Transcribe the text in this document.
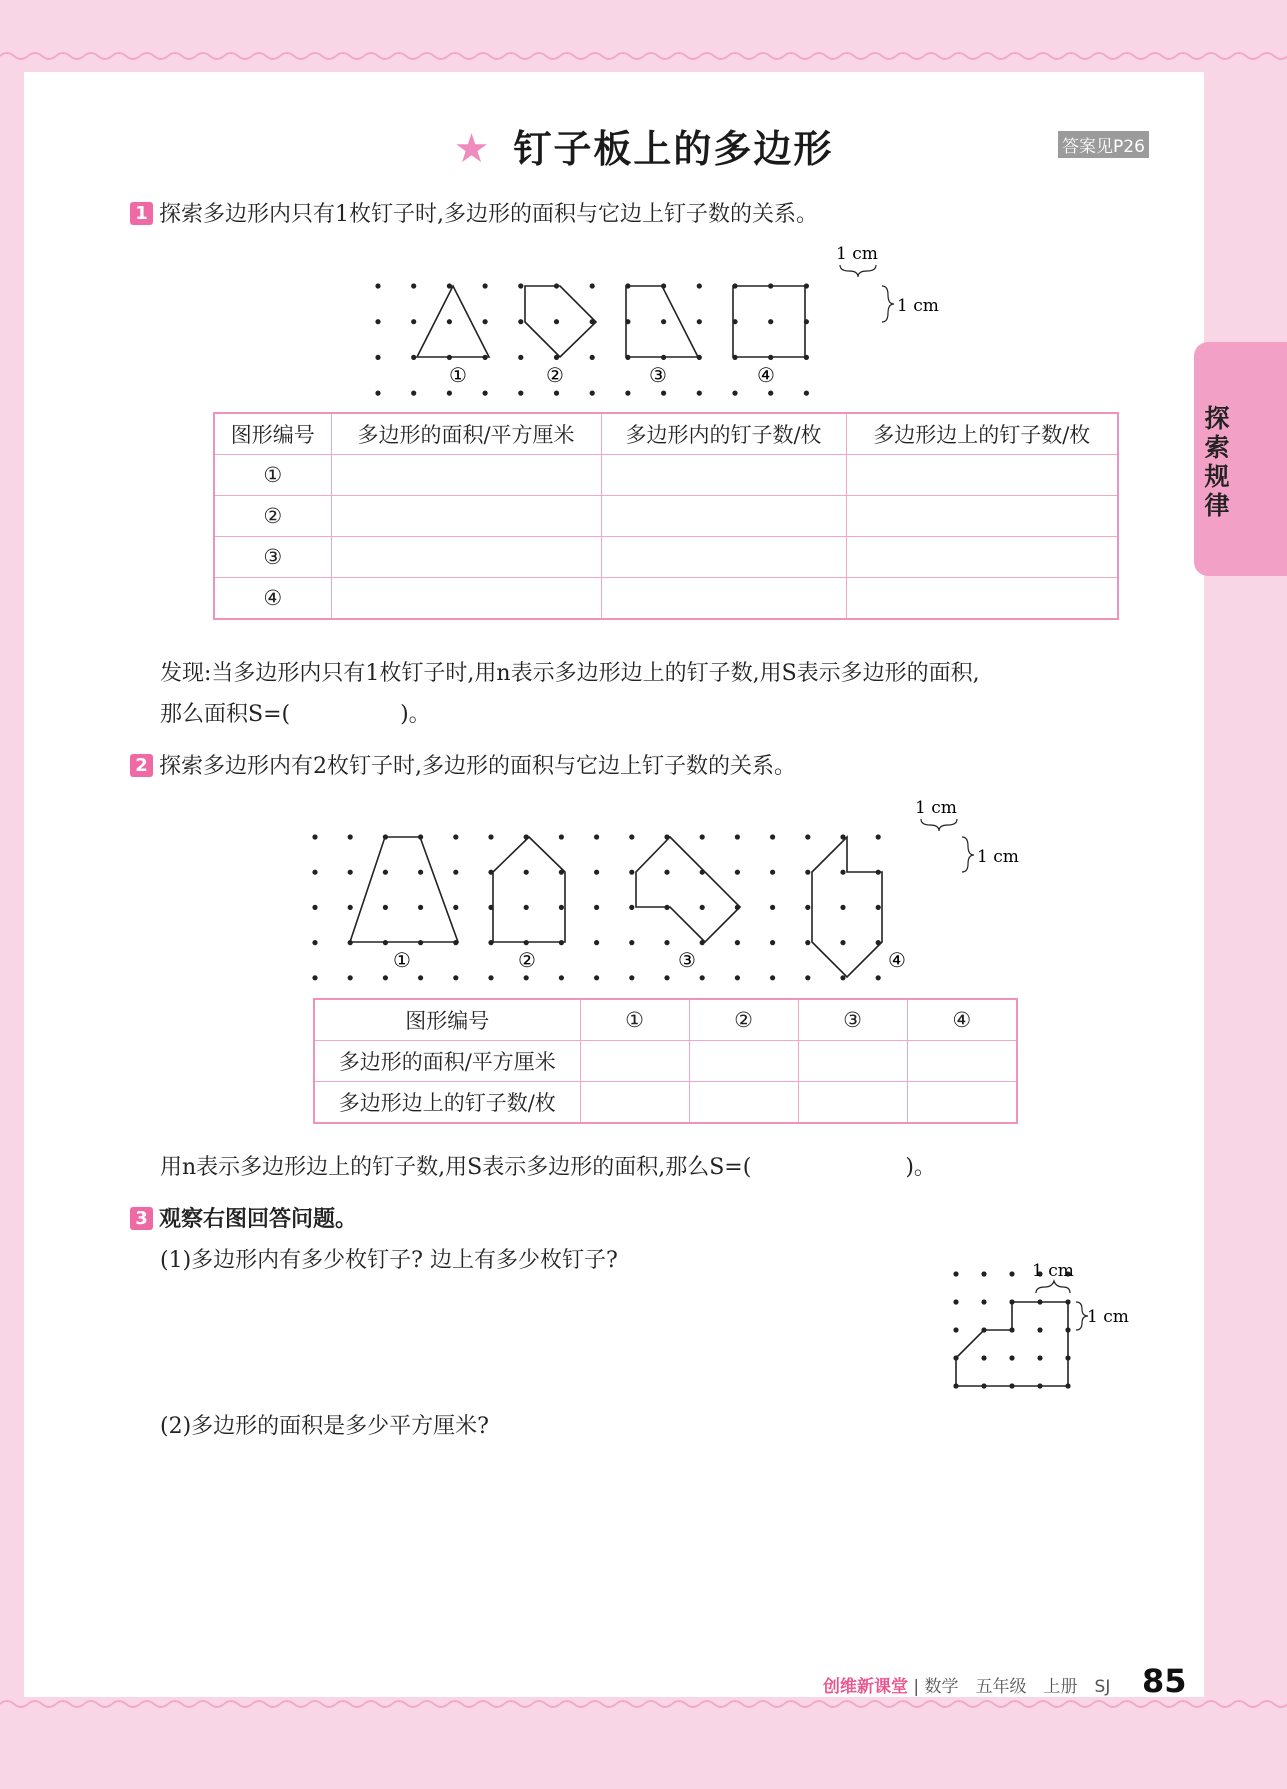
★ 钉子板上的多边形	答案见P26
探索规律
1 探索多边形内只有1枚钉子时,多边形的面积与它边上钉子数的关系。
①	②	③	④
1 cm
1 cm
图形编号	多边形的面积/平方厘米	多边形内的钉子数/枚	多边形边上的钉子数/枚
①			
②			
③			
④			
发现:当多边形内只有1枚钉子时,用n表示多边形边上的钉子数,用S表示多边形的面积,
那么面积S=(　　　　　)。
2 探索多边形内有2枚钉子时,多边形的面积与它边上钉子数的关系。
①	②	③	④
1 cm
1 cm
图形编号	①	②	③	④
多边形的面积/平方厘米				
多边形边上的钉子数/枚				
用n表示多边形边上的钉子数,用S表示多边形的面积,那么S=(　　　　　　　)。
3 观察右图回答问题。
(1)多边形内有多少枚钉子? 边上有多少枚钉子?
(2)多边形的面积是多少平方厘米?
1 cm
1 cm
创维新课堂 | 数学　五年级　上册　SJ 85
